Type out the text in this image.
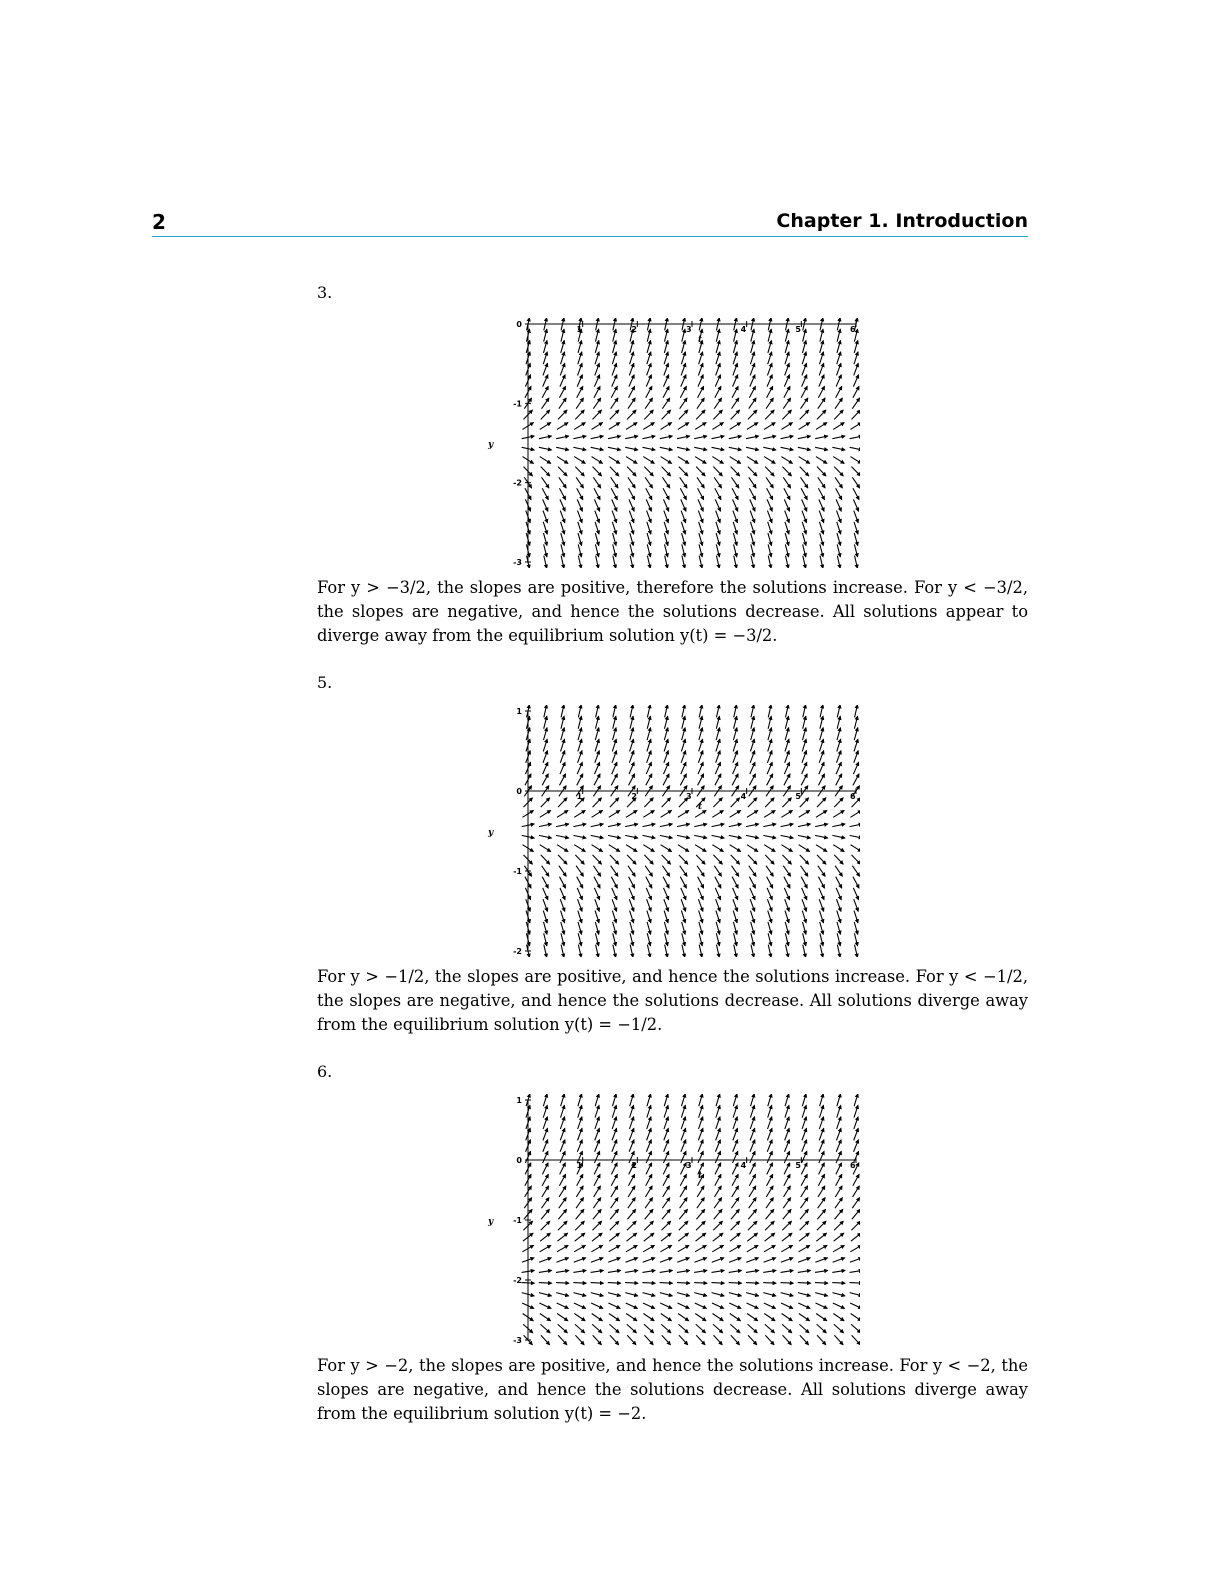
2	Chapter 1. Introduction
3.
1	2	3	4	5	6
0
-1
-2
-3
y
t
For y > −3/2, the slopes are positive, therefore the solutions increase. For y < −3/2, the slopes are negative, and hence the solutions decrease. All solutions appear to diverge away from the equilibrium solution y(t) = −3/2.
5.
1	2	3	4	5	6
1
0
-1
-2
y
t
For y > −1/2, the slopes are positive, and hence the solutions increase. For y < −1/2, the slopes are negative, and hence the solutions decrease. All solutions diverge away from the equilibrium solution y(t) = −1/2.
6.
1	2	3	4	5	6
1
0
-1
-2
-3
y
t
For y > −2, the slopes are positive, and hence the solutions increase. For y < −2, the slopes are negative, and hence the solutions decrease. All solutions diverge away from the equilibrium solution y(t) = −2.
